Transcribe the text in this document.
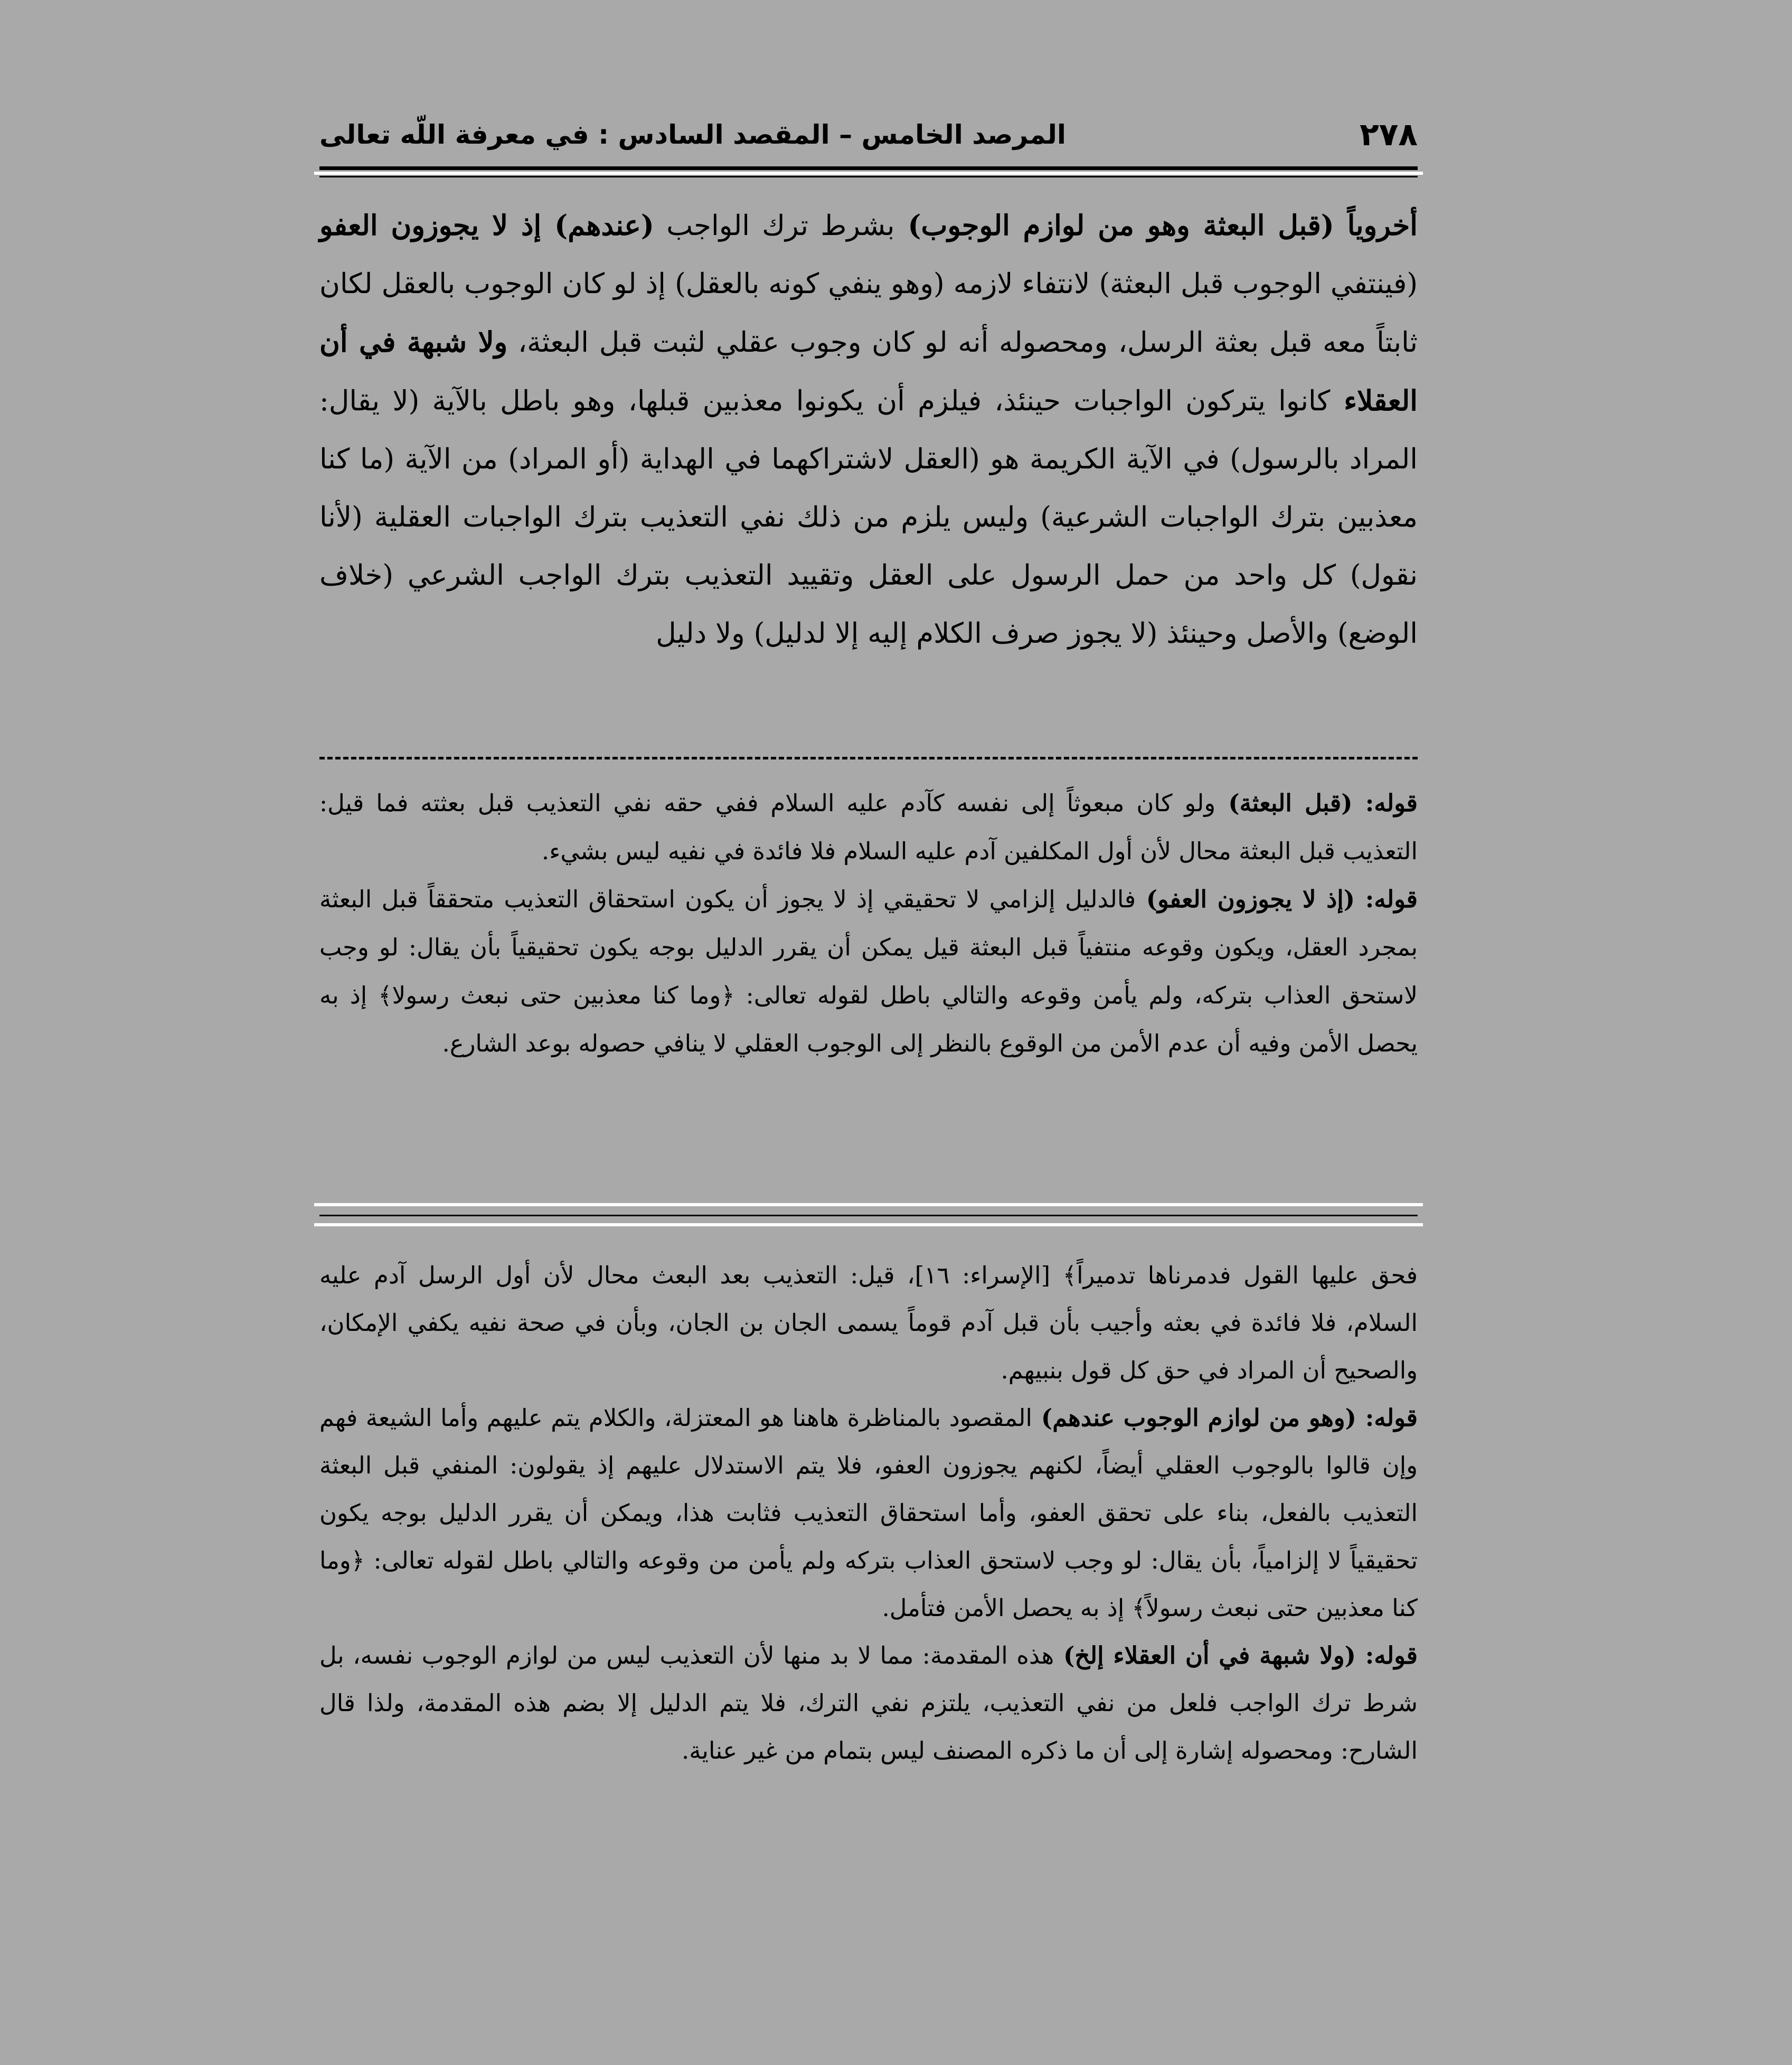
٢٧٨
المرصد الخامس – المقصد السادس : في معرفة اللّه تعالى

أخروياً (قبل البعثة وهو من لوازم الوجوب) بشرط ترك الواجب (عندهم) إذ لا يجوزون العفو (فينتفي الوجوب قبل البعثة) لانتفاء لازمه (وهو ينفي كونه بالعقل) إذ لو كان الوجوب بالعقل لكان ثابتاً معه قبل بعثة الرسل، ومحصوله أنه لو كان وجوب عقلي لثبت قبل البعثة، ولا شبهة في أن العقلاء كانوا يتركون الواجبات حينئذ، فيلزم أن يكونوا معذبين قبلها، وهو باطل بالآية (لا يقال: المراد بالرسول) في الآية الكريمة هو (العقل لاشتراكهما في الهداية (أو المراد) من الآية (ما كنا معذبين بترك الواجبات الشرعية) وليس يلزم من ذلك نفي التعذيب بترك الواجبات العقلية (لأنا نقول) كل واحد من حمل الرسول على العقل وتقييد التعذيب بترك الواجب الشرعي (خلاف الوضع) والأصل وحينئذ (لا يجوز صرف الكلام إليه إلا لدليل) ولا دليل

قوله: (قبل البعثة) ولو كان مبعوثاً إلى نفسه كآدم عليه السلام ففي حقه نفي التعذيب قبل بعثته فما قيل: التعذيب قبل البعثة محال لأن أول المكلفين آدم عليه السلام فلا فائدة في نفيه ليس بشيء.

قوله: (إذ لا يجوزون العفو) فالدليل إلزامي لا تحقيقي إذ لا يجوز أن يكون استحقاق التعذيب متحققاً قبل البعثة بمجرد العقل، ويكون وقوعه منتفياً قبل البعثة قيل يمكن أن يقرر الدليل بوجه يكون تحقيقياً بأن يقال: لو وجب لاستحق العذاب بتركه، ولم يأمن وقوعه والتالي باطل لقوله تعالى: ﴿وما كنا معذبين حتى نبعث رسولا﴾ إذ به يحصل الأمن وفيه أن عدم الأمن من الوقوع بالنظر إلى الوجوب العقلي لا ينافي حصوله بوعد الشارع.

فحق عليها القول فدمرناها تدميراً﴾ [الإسراء: ١٦]، قيل: التعذيب بعد البعث محال لأن أول الرسل آدم عليه السلام، فلا فائدة في بعثه وأجيب بأن قبل آدم قوماً يسمى الجان بن الجان، وبأن في صحة نفيه يكفي الإمكان، والصحيح أن المراد في حق كل قول بنبيهم.

قوله: (وهو من لوازم الوجوب عندهم) المقصود بالمناظرة هاهنا هو المعتزلة، والكلام يتم عليهم وأما الشيعة فهم وإن قالوا بالوجوب العقلي أيضاً، لكنهم يجوزون العفو، فلا يتم الاستدلال عليهم إذ يقولون: المنفي قبل البعثة التعذيب بالفعل، بناء على تحقق العفو، وأما استحقاق التعذيب فثابت هذا، ويمكن أن يقرر الدليل بوجه يكون تحقيقياً لا إلزامياً، بأن يقال: لو وجب لاستحق العذاب بتركه ولم يأمن من وقوعه والتالي باطل لقوله تعالى: ﴿وما كنا معذبين حتى نبعث رسولاً﴾ إذ به يحصل الأمن فتأمل.

قوله: (ولا شبهة في أن العقلاء إلخ) هذه المقدمة: مما لا بد منها لأن التعذيب ليس من لوازم الوجوب نفسه، بل شرط ترك الواجب فلعل من نفي التعذيب، يلتزم نفي الترك، فلا يتم الدليل إلا بضم هذه المقدمة، ولذا قال الشارح: ومحصوله إشارة إلى أن ما ذكره المصنف ليس بتمام من غير عناية.
